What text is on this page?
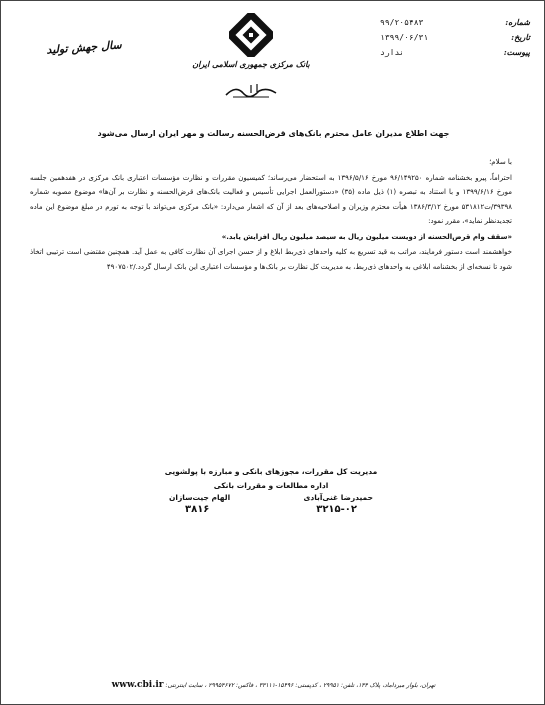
سال جهش تولید
بانک مرکزی جمهوری اسلامی ایران
شماره:
۹۹/۲۰۵۴۸۳
تاریخ:
۱۳۹۹/۰۶/۳۱
پیوست:
ندارد
جهت اطلاع مدیران عامل محترم بانک‌های قرض‌الحسنه رسالت و مهر ایران ارسال می‌شود

با سلام؛

احتراماً، پیرو بخشنامه شماره ۹۶/۱۴۹۲۵۰ مورخ ۱۳۹۶/۵/۱۶ به استحضار می‌رساند؛ کمیسیون مقررات و نظارت مؤسسات اعتباری بانک مرکزی در هفدهمین جلسه مورخ ۱۳۹۹/۶/۱۶ و با استناد به تبصره (۱) ذیل ماده (۳۵) «دستورالعمل اجرایی تأسیس و فعالیت بانک‌های قرض‌الحسنه و نظارت بر آن‌ها» موضوع مصوبه شماره ۳۹۳۹۸/ت۵۳۱۸۱۲ مورخ ۱۳۸۶/۳/۱۲ هیأت محترم وزیران و اصلاحیه‌های بعد از آن که اشعار می‌دارد: «بانک مرکزی می‌تواند با توجه به تورم در مبلغ موضوع این ماده تجدیدنظر نماید»، مقرر نمود:

«سقف وام قرض‌الحسنه از دویست میلیون ریال به سیصد میلیون ریال افزایش یابد.»

خواهشمند است دستور فرمایند، مراتب به قید تسریع به کلیه واحدهای ذی‌ربط ابلاغ و از حسن اجرای آن نظارت کافی به عمل آید. همچنین مقتضی است ترتیبی اتخاذ شود تا نسخه‌ای از بخشنامه ابلاغی به واحدهای ذی‌ربط، به مدیریت کل نظارت بر بانک‌ها و مؤسسات اعتباری این بانک ارسال گردد./۴۹۰۷۵۰۲

مدیریت کل مقررات، مجوزهای بانکی و مبارزه با پولشویی
اداره مطالعات و مقررات بانکی
حمیدرضا غنی‌آبادی
الهام جیت‌سازان
۳۲۱۵-۰۲
۳۸۱۶
تهران، بلوار میرداماد، پلاک ۱۴۴، تلفن: ۲۹۹۵۱ ، کدپستی: ۱۵۴۹۶-۳۳۱۱۱ ، فاکس: ۲۹۹۵۴۶۷۲ ، سایت اینترنتی: www.cbi.ir
